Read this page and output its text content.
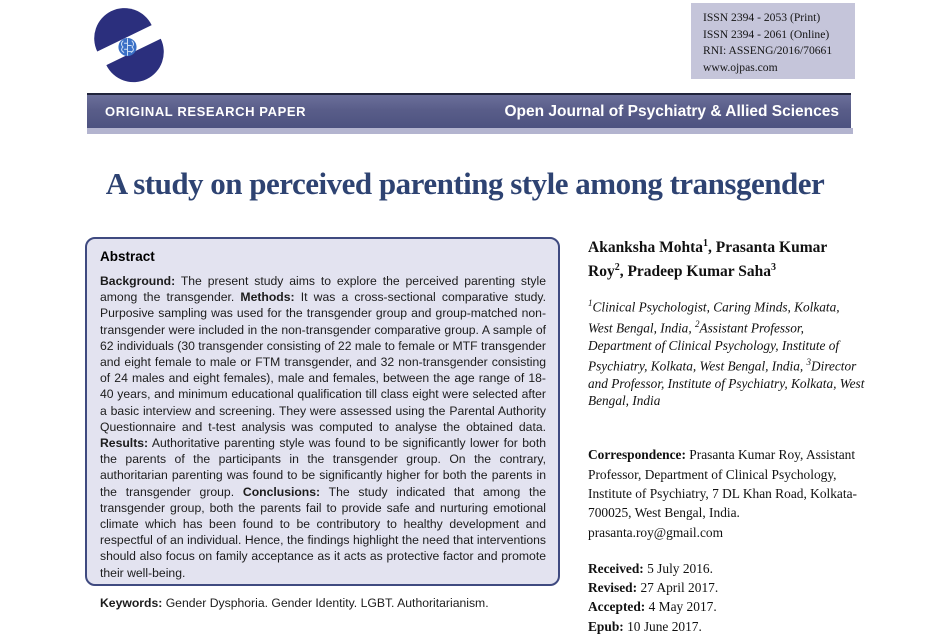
ISSN 2394 - 2053 (Print)
ISSN 2394 - 2061 (Online)
RNI: ASSENG/2016/70661
www.ojpas.com
ORIGINAL RESEARCH PAPER	Open Journal of Psychiatry & Allied Sciences
A study on perceived parenting style among transgender
Abstract

Background: The present study aims to explore the perceived parenting style among the transgender. Methods: It was a cross-sectional comparative study. Purposive sampling was used for the transgender group and group-matched non-transgender were included in the non-transgender comparative group. A sample of 62 individuals (30 transgender consisting of 22 male to female or MTF transgender and eight female to male or FTM transgender, and 32 non-transgender consisting of 24 males and eight females), male and females, between the age range of 18-40 years, and minimum educational qualification till class eight were selected after a basic interview and screening. They were assessed using the Parental Authority Questionnaire and t-test analysis was computed to analyse the obtained data. Results: Authoritative parenting style was found to be significantly lower for both the parents of the participants in the transgender group. On the contrary, authoritarian parenting was found to be significantly higher for both the parents in the transgender group. Conclusions: The study indicated that among the transgender group, both the parents fail to provide safe and nurturing emotional climate which has been found to be contributory to healthy development and respectful of an individual. Hence, the findings highlight the need that interventions should also focus on family acceptance as it acts as protective factor and promote their well-being.

Keywords: Gender Dysphoria. Gender Identity. LGBT. Authoritarianism.

Akanksha Mohta$^1$, Prasanta Kumar Roy$^2$, Pradeep Kumar Saha$^3$
$^1$Clinical Psychologist, Caring Minds, Kolkata, West Bengal, India, $^2$Assistant Professor, Department of Clinical Psychology, Institute of Psychiatry, Kolkata, West Bengal, India, $^3$Director and Professor, Institute of Psychiatry, Kolkata, West Bengal, India
Correspondence: Prasanta Kumar Roy, Assistant Professor, Department of Clinical Psychology, Institute of Psychiatry, 7 DL Khan Road, Kolkata-700025, West Bengal, India. prasanta.roy@gmail.com
Received: 5 July 2016.
Revised: 27 April 2017.
Accepted: 4 May 2017.
Epub: 10 June 2017.
